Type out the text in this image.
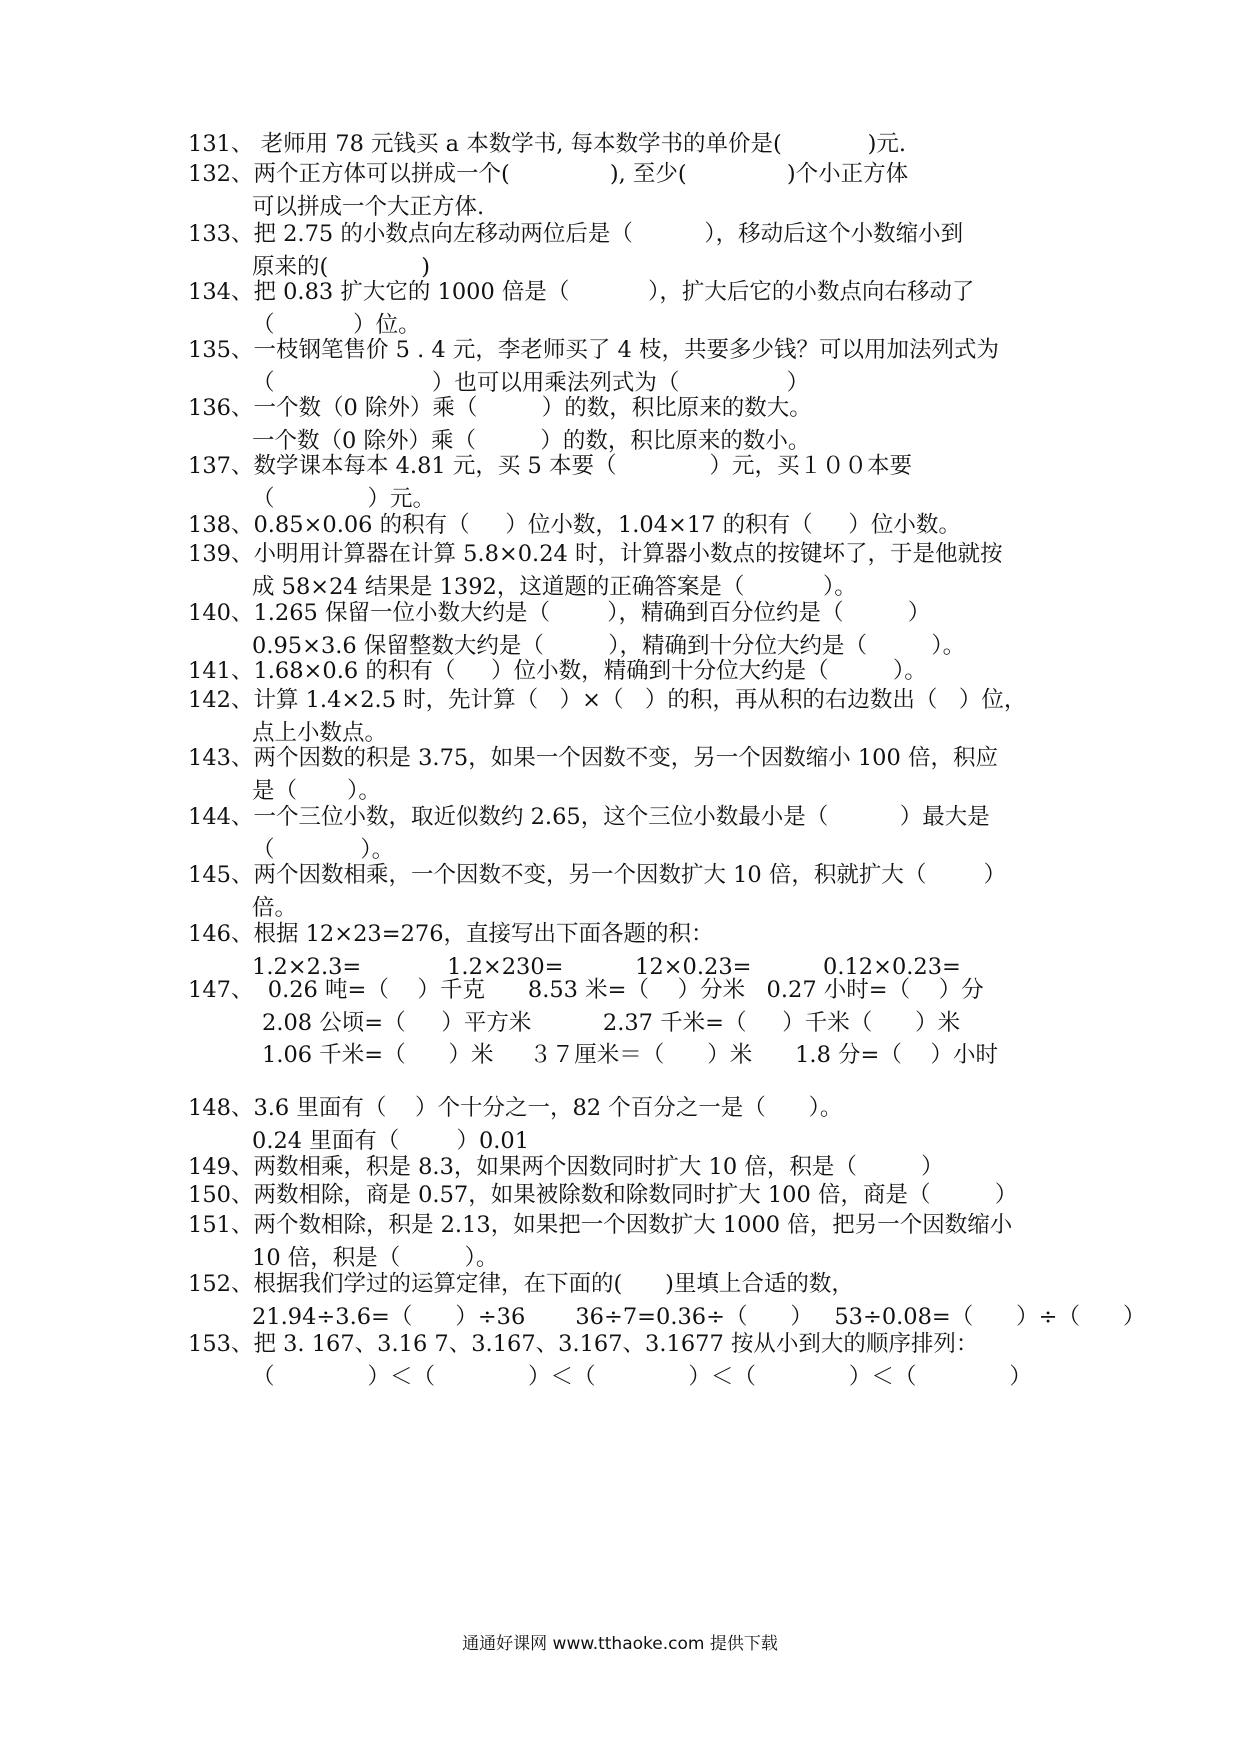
131、 老师用 78 元钱买 a 本数学书, 每本数学书的单价是(            )元.
132、两个正方体可以拼成一个(              ), 至少(              )个小正方体
可以拼成一个大正方体.
133、把 2.75 的小数点向左移动两位后是（          ），移动后这个小数缩小到
原来的(             )
134、把 0.83 扩大它的 1000 倍是（           ），扩大后它的小数点向右移动了
（           ）位。
135、一枝钢笔售价 5 . 4 元，李老师买了 4 枝，共要多少钱？可以用加法列式为
（                      ）也可以用乘法列式为（               ）
136、一个数（0 除外）乘（         ）的数，积比原来的数大。
一个数（0 除外）乘（         ）的数，积比原来的数小。
137、数学课本每本 4.81 元，买 5 本要（             ）元，买１００本要
（             ）元。
138、0.85×0.06 的积有（     ）位小数，1.04×17 的积有（     ）位小数。
139、小明用计算器在计算 5.8×0.24 时，计算器小数点的按键坏了，于是他就按
成 58×24 结果是 1392，这道题的正确答案是（           ）。
140、1.265 保留一位小数大约是（        ），精确到百分位约是（         ）
0.95×3.6 保留整数大约是（         ），精确到十分位大约是（         ）。
141、1.68×0.6 的积有（     ）位小数，精确到十分位大约是（         ）。
142、计算 1.4×2.5 时，先计算（   ）×（   ）的积，再从积的右边数出（   ）位，
点上小数点。
143、两个因数的积是 3.75，如果一个因数不变，另一个因数缩小 100 倍，积应
是（       ）。
144、一个三位小数，取近似数约 2.65，这个三位小数最小是（          ）最大是
（            ）。
145、两个因数相乘，一个因数不变，另一个因数扩大 10 倍，积就扩大（        ）
倍。
146、根据 12×23=276，直接写出下面各题的积：
1.2×2.3=            1.2×230=          12×0.23=          0.12×0.23=
147、  0.26 吨=（    ）千克      8.53 米=（    ）分米   0.27 小时=（    ）分
2.08 公顷=（     ）平方米          2.37 千米=（     ）千米（      ）米
1.06 千米=（      ）米     ３７厘米＝（      ）米      1.8 分=（    ）小时
148、3.6 里面有（    ）个十分之一，82 个百分之一是（      ）。
0.24 里面有（        ）0.01
149、两数相乘，积是 8.3，如果两个因数同时扩大 10 倍，积是（         ）
150、两数相除，商是 0.57，如果被除数和除数同时扩大 100 倍，商是（         ）
151、两个数相除，积是 2.13，如果把一个因数扩大 1000 倍，把另一个因数缩小
10 倍，积是（         ）。
152、根据我们学过的运算定律，在下面的(      )里填上合适的数，
21.94÷3.6=（      ）÷36       36÷7=0.36÷（      ）   53÷0.08=（      ）÷（      ）
153、把 3. 167、3.16 7、3.167、3.167、3.1677 按从小到大的顺序排列：
（             ）＜（             ）＜（             ）＜（             ）＜（             ）
通通好课网 www.tthaoke.com 提供下载
